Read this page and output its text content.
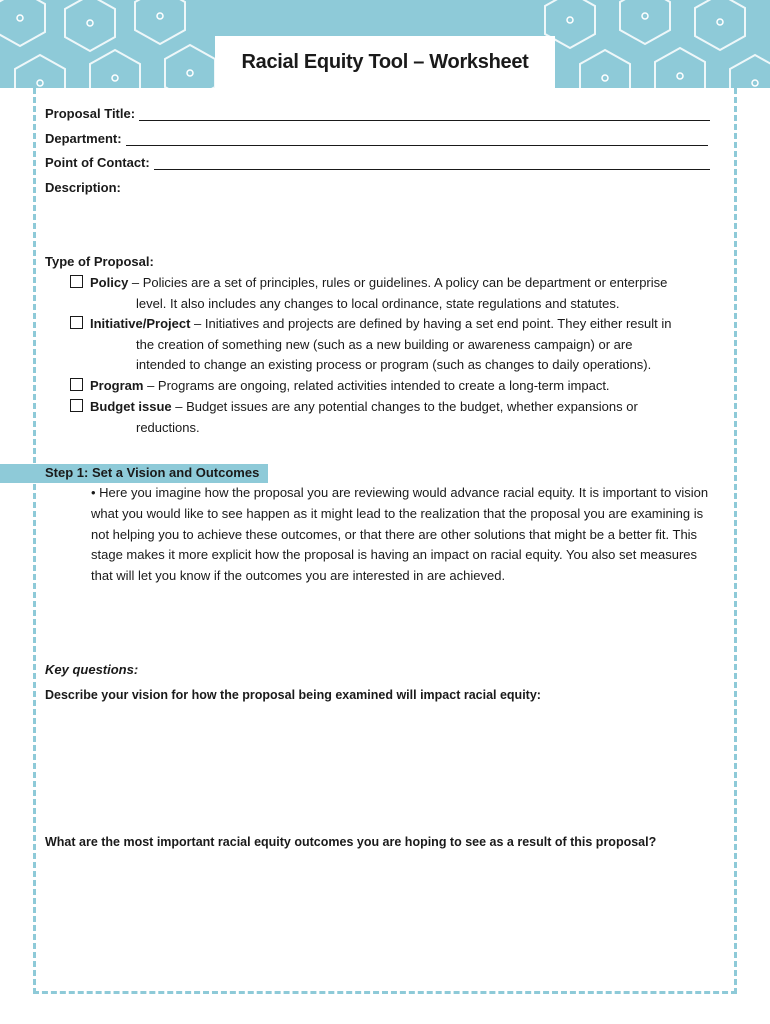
Racial Equity Tool – Worksheet
Proposal Title:
Department:
Point of Contact:
Description:
Type of Proposal:
Policy – Policies are a set of principles, rules or guidelines. A policy can be department or enterprise
level. It also includes any changes to local ordinance, state regulations and statutes.
Initiative/Project – Initiatives and projects are defined by having a set end point. They either result in
the creation of something new (such as a new building or awareness campaign) or are
intended to change an existing process or program (such as changes to daily operations).
Program – Programs are ongoing, related activities intended to create a long-term impact.
Budget issue – Budget issues are any potential changes to the budget, whether expansions or
reductions.
Step 1: Set a Vision and Outcomes
• Here you imagine how the proposal you are reviewing would advance racial equity. It is important to vision what you would like to see happen as it might lead to the realization that the proposal you are examining is not helping you to achieve these outcomes, or that there are other solutions that might be a better fit. This stage makes it more explicit how the proposal is having an impact on racial equity. You also set measures that will let you know if the outcomes you are interested in are achieved.
Key questions:
Describe your vision for how the proposal being examined will impact racial equity:
What are the most important racial equity outcomes you are hoping to see as a result of this proposal?
